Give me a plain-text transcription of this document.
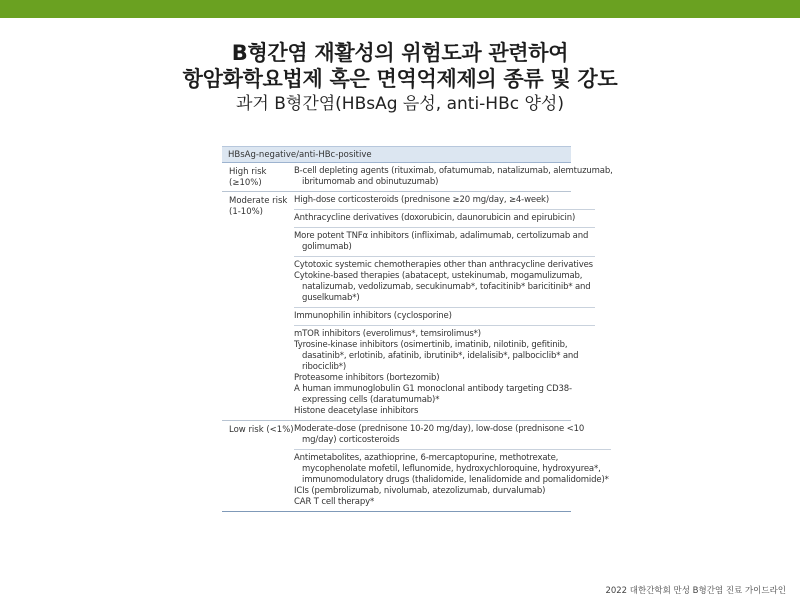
B형간염 재활성의 위험도과 관련하여
항암화학요법제 혹은 면역억제제의 종류 및 강도
과거 B형간염(HBsAg 음성, anti-HBc 양성)
HBsAg-negative/anti-HBc-positive
High risk (≥10%)
B-cell depleting agents (rituximab, ofatumumab, natalizumab, alemtuzumab,
ibritumomab and obinutuzumab)
Moderate risk
(1-10%)
High-dose corticosteroids (prednisone ≥20 mg/day, ≥4-week)
Anthracycline derivatives (doxorubicin, daunorubicin and epirubicin)
More potent TNFα inhibitors (infliximab, adalimumab, certolizumab and
golimumab)
Cytotoxic systemic chemotherapies other than anthracycline derivatives
Cytokine-based therapies (abatacept, ustekinumab, mogamulizumab,
natalizumab, vedolizumab, secukinumab*, tofacitinib* baricitinib* and
guselkumab*)
Immunophilin inhibitors (cyclosporine)
mTOR inhibitors (everolimus*, temsirolimus*)
Tyrosine-kinase inhibitors (osimertinib, imatinib, nilotinib, gefitinib,
dasatinib*, erlotinib, afatinib, ibrutinib*, idelalisib*, palbociclib* and
ribociclib*)
Proteasome inhibitors (bortezomib)
A human immunoglobulin G1 monoclonal antibody targeting CD38-
expressing cells (daratumumab)*
Histone deacetylase inhibitors
Low risk (<1%) Moderate-dose (prednisone 10-20 mg/day), low-dose (prednisone <10
mg/day) corticosteroids
Antimetabolites, azathioprine, 6-mercaptopurine, methotrexate,
mycophenolate mofetil, leflunomide, hydroxychloroquine, hydroxyurea*,
immunomodulatory drugs (thalidomide, lenalidomide and pomalidomide)*
ICIs (pembrolizumab, nivolumab, atezolizumab, durvalumab)
CAR T cell therapy*
2022 대한간학회 만성 B형간염 진료 가이드라인
